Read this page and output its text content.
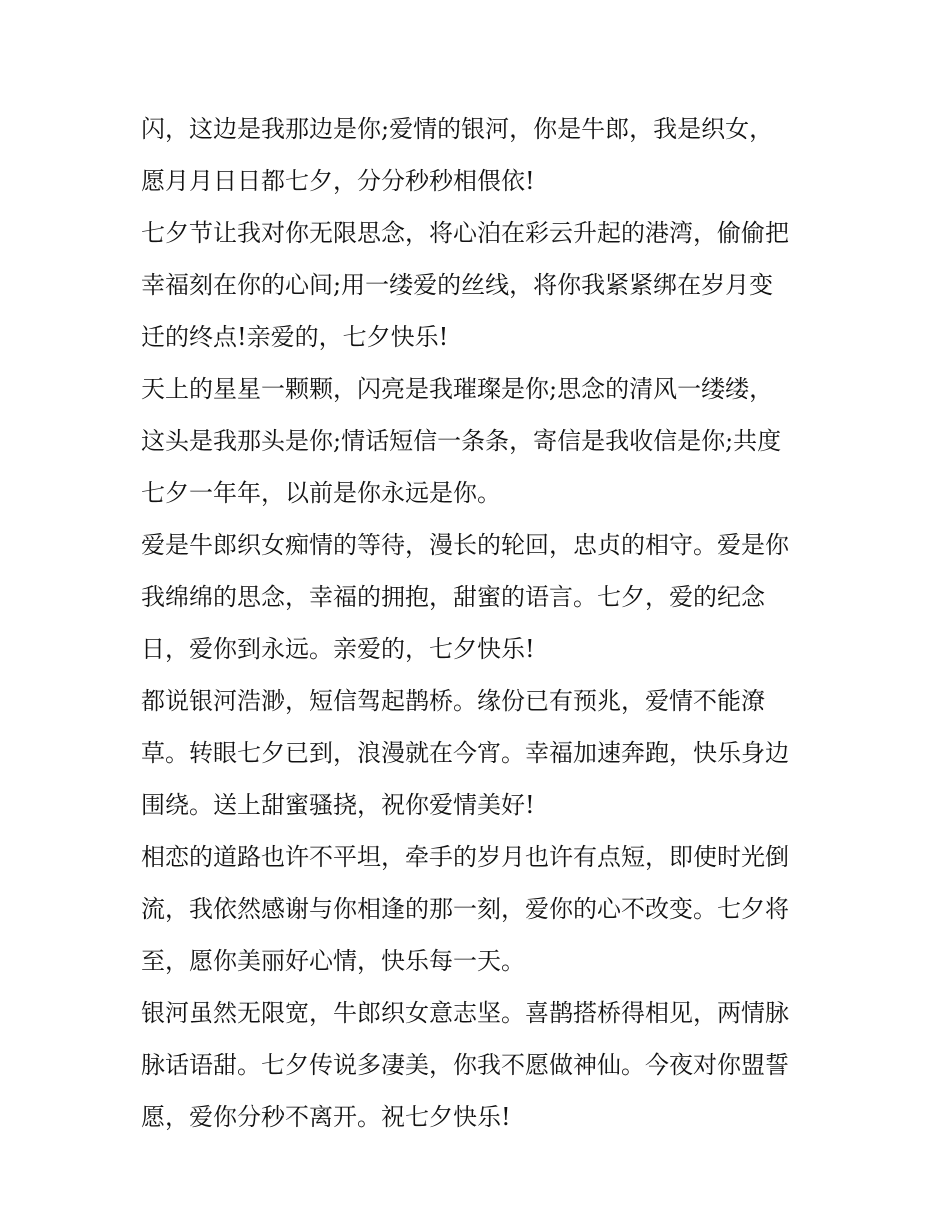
闪，这边是我那边是你;爱情的银河，你是牛郎，我是织女，
愿月月日日都七夕，分分秒秒相偎依!
七夕节让我对你无限思念，将心泊在彩云升起的港湾，偷偷把
幸福刻在你的心间;用一缕爱的丝线，将你我紧紧绑在岁月变
迁的终点!亲爱的，七夕快乐!
天上的星星一颗颗，闪亮是我璀璨是你;思念的清风一缕缕，
这头是我那头是你;情话短信一条条，寄信是我收信是你;共度
七夕一年年，以前是你永远是你。
爱是牛郎织女痴情的等待，漫长的轮回，忠贞的相守。爱是你
我绵绵的思念，幸福的拥抱，甜蜜的语言。七夕，爱的纪念
日，爱你到永远。亲爱的，七夕快乐!
都说银河浩渺，短信驾起鹊桥。缘份已有预兆，爱情不能潦
草。转眼七夕已到，浪漫就在今宵。幸福加速奔跑，快乐身边
围绕。送上甜蜜骚挠，祝你爱情美好!
相恋的道路也许不平坦，牵手的岁月也许有点短，即使时光倒
流，我依然感谢与你相逢的那一刻，爱你的心不改变。七夕将
至，愿你美丽好心情，快乐每一天。
银河虽然无限宽，牛郎织女意志坚。喜鹊搭桥得相见，两情脉
脉话语甜。七夕传说多凄美，你我不愿做神仙。今夜对你盟誓
愿，爱你分秒不离开。祝七夕快乐!
